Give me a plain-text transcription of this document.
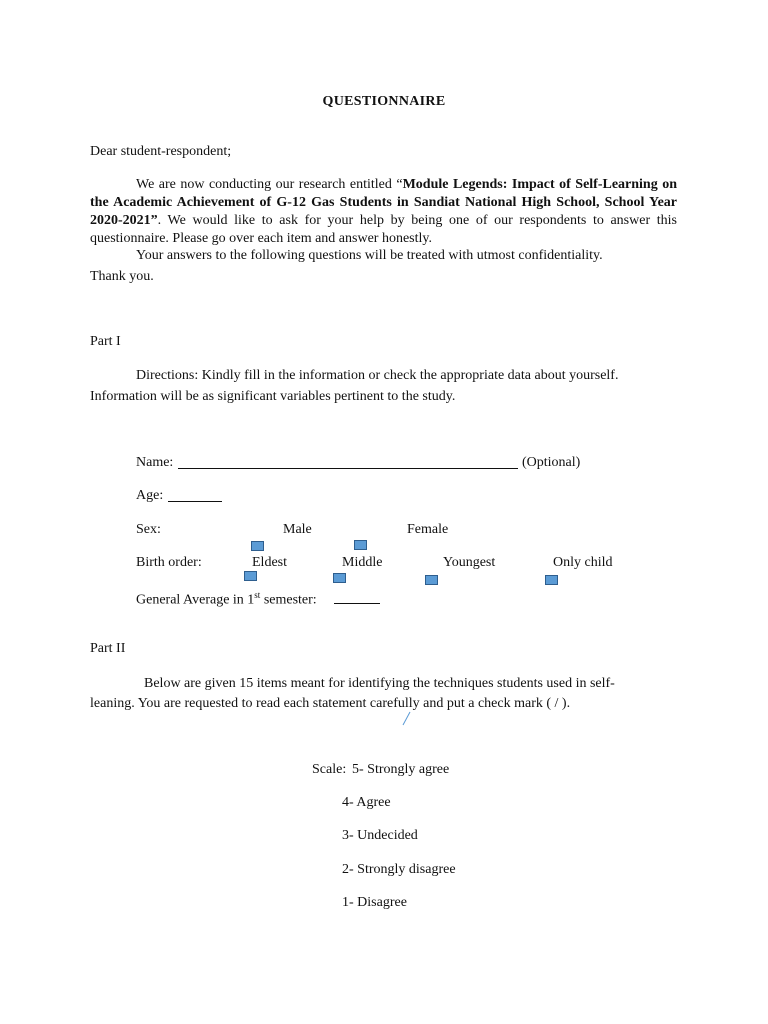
QUESTIONNAIRE
Dear student-respondent;
We are now conducting our research entitled “Module Legends: Impact of Self-Learning on the Academic Achievement of G-12 Gas Students in Sandiat National High School, School Year 2020-2021”. We would like to ask for your help by being one of our respondents to answer this questionnaire. Please go over each item and answer honestly.
Your answers to the following questions will be treated with utmost confidentiality.
Thank you.
Part I
Directions: Kindly fill in the information or check the appropriate data about yourself.
Information will be as significant variables pertinent to the study.
Name:	(Optional)
Age:
Sex:	Male	Female
Birth order:	Eldest	Middle	Youngest	Only child
General Average in 1st semester:
Part II
Below are given 15 items meant for identifying the techniques students used in self-
leaning. You are requested to read each statement carefully and put a check mark ( / ).
Scale: 5- Strongly agree
4- Agree
3- Undecided
2- Strongly disagree
1- Disagree
